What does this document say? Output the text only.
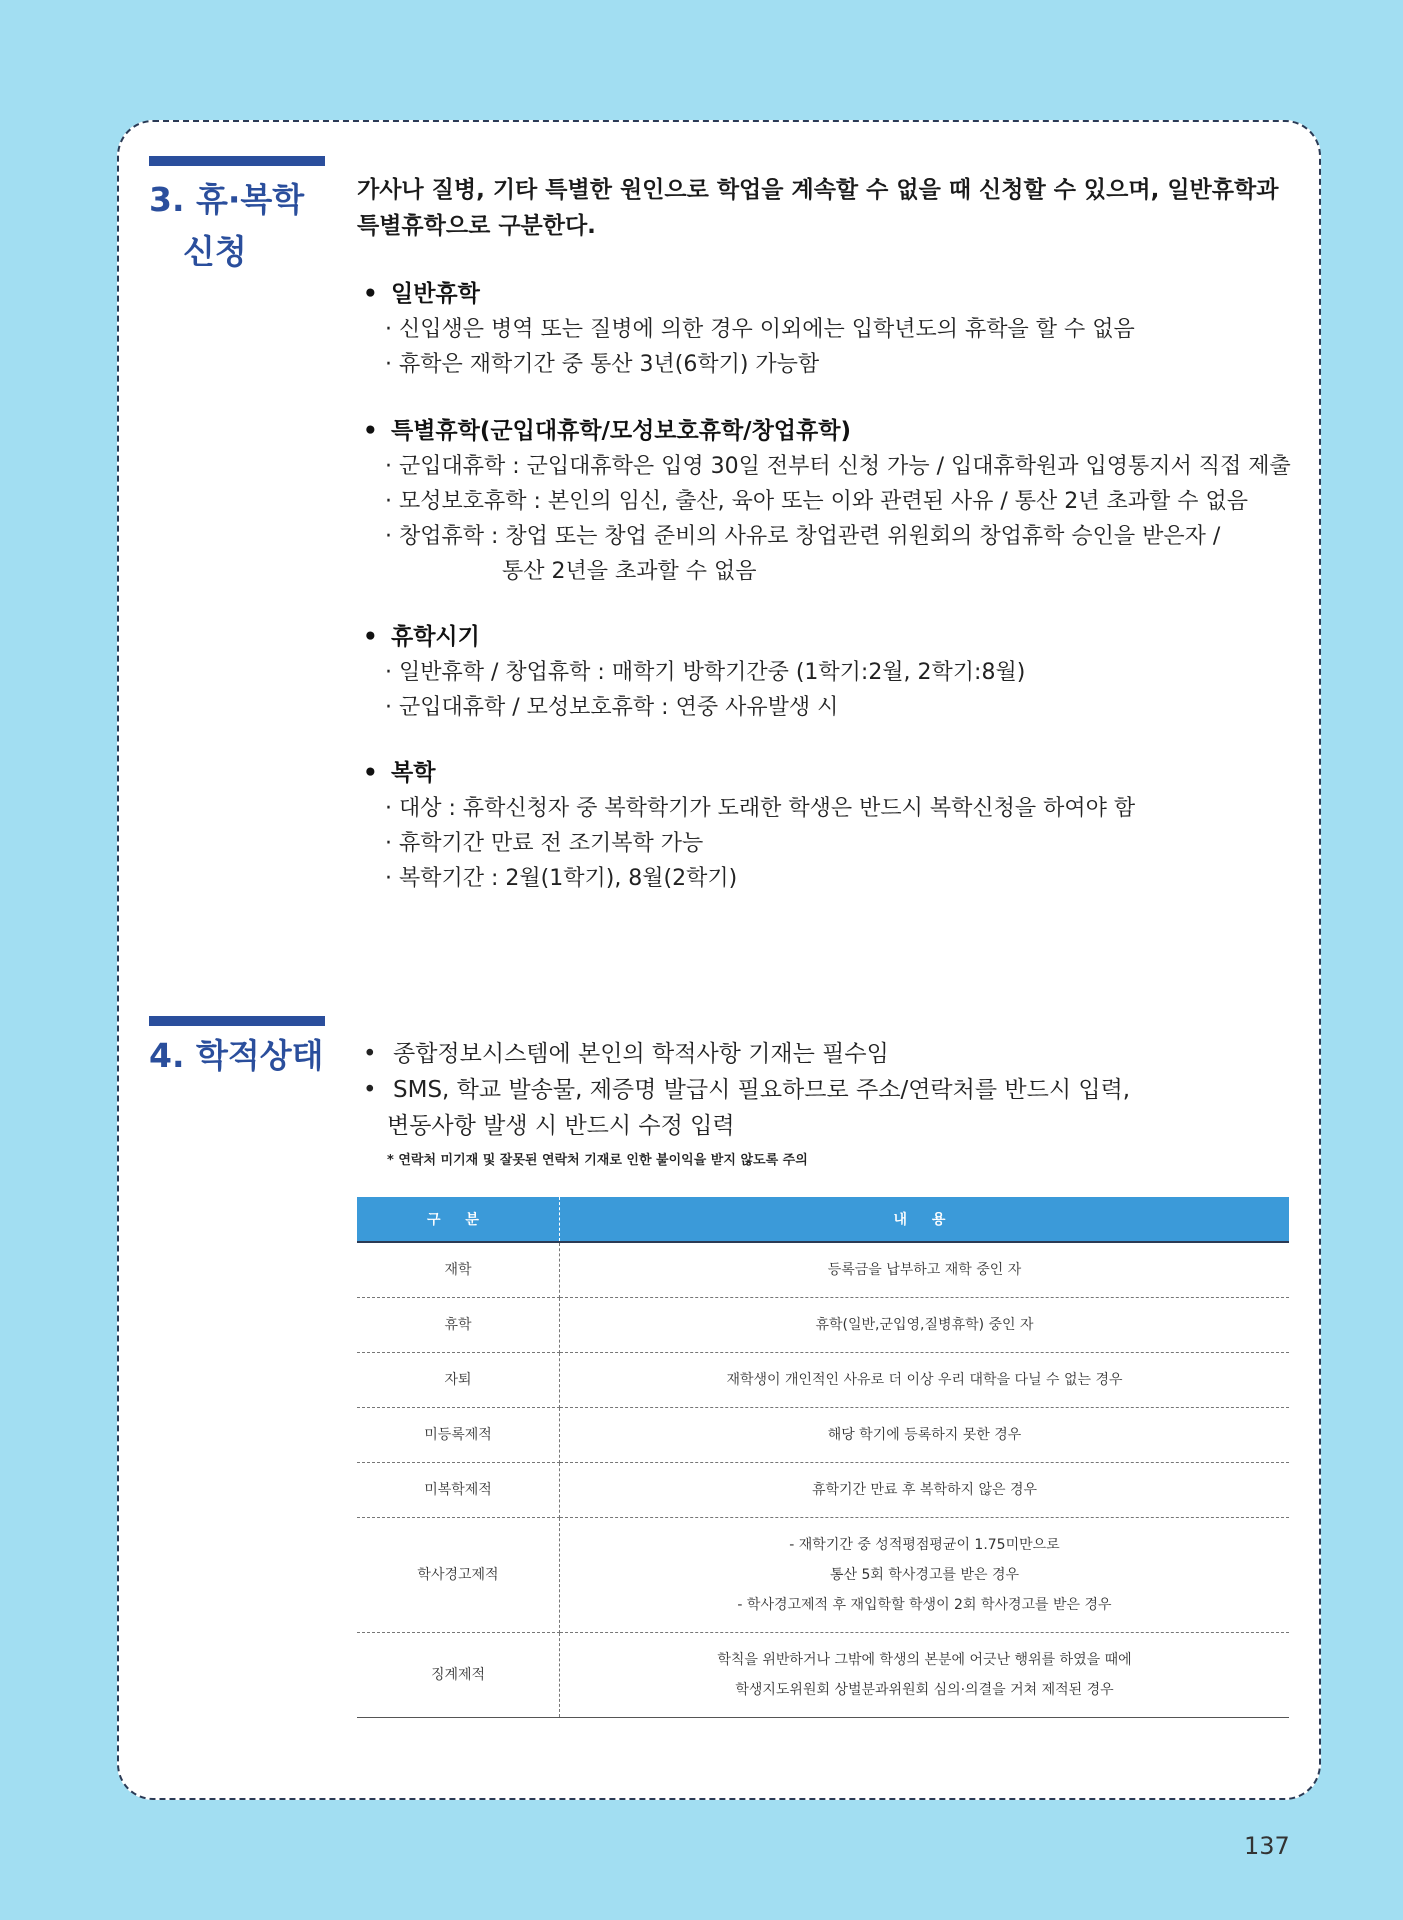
3. 휴·복학
신청

가사나 질병, 기타 특별한 원인으로 학업을 계속할 수 없을 때 신청할 수 있으며, 일반휴학과 특별휴학으로 구분한다.

• 일반휴학

· 신입생은 병역 또는 질병에 의한 경우 이외에는 입학년도의 휴학을 할 수 없음

· 휴학은 재학기간 중 통산 3년(6학기) 가능함

• 특별휴학(군입대휴학/모성보호휴학/창업휴학)

· 군입대휴학 : 군입대휴학은 입영 30일 전부터 신청 가능 / 입대휴학원과 입영통지서 직접 제출

· 모성보호휴학 : 본인의 임신, 출산, 육아 또는 이와 관련된 사유 / 통산 2년 초과할 수 없음

· 창업휴학 : 창업 또는 창업 준비의 사유로 창업관련 위원회의 창업휴학 승인을 받은자 /

통산 2년을 초과할 수 없음

• 휴학시기

· 일반휴학 / 창업휴학 : 매학기 방학기간중 (1학기:2월, 2학기:8월)

· 군입대휴학 / 모성보호휴학 : 연중 사유발생 시

• 복학

· 대상 : 휴학신청자 중 복학학기가 도래한 학생은 반드시 복학신청을 하여야 함

· 휴학기간 만료 전 조기복학 가능

· 복학기간 : 2월(1학기), 8월(2학기)

4. 학적상태 • 종합정보시스템에 본인의 학적사항 기재는 필수임

• SMS, 학교 발송물, 제증명 발급시 필요하므로 주소/연락처를 반드시 입력,

변동사항 발생 시 반드시 수정 입력

* 연락처 미기재 및 잘못된 연락처 기재로 인한 불이익을 받지 않도록 주의

구 분	내 용
재학	등록금을 납부하고 재학 중인 자

휴학	휴학(일반,군입영,질병휴학) 중인 자

자퇴	재학생이 개인적인 사유로 더 이상 우리 대학을 다닐 수 없는 경우

미등록제적	해당 학기에 등록하지 못한 경우

미복학제적	휴학기간 만료 후 복학하지 않은 경우

학사경고제적	- 재학기간 중 성적평점평균이 1.75미만으로
통산 5회 학사경고를 받은 경우
- 학사경고제적 후 재입학할 학생이 2회 학사경고를 받은 경우

징계제적	학칙을 위반하거나 그밖에 학생의 본분에 어긋난 행위를 하였을 때에
학생지도위원회 상벌분과위원회 심의·의결을 거쳐 제적된 경우
137
